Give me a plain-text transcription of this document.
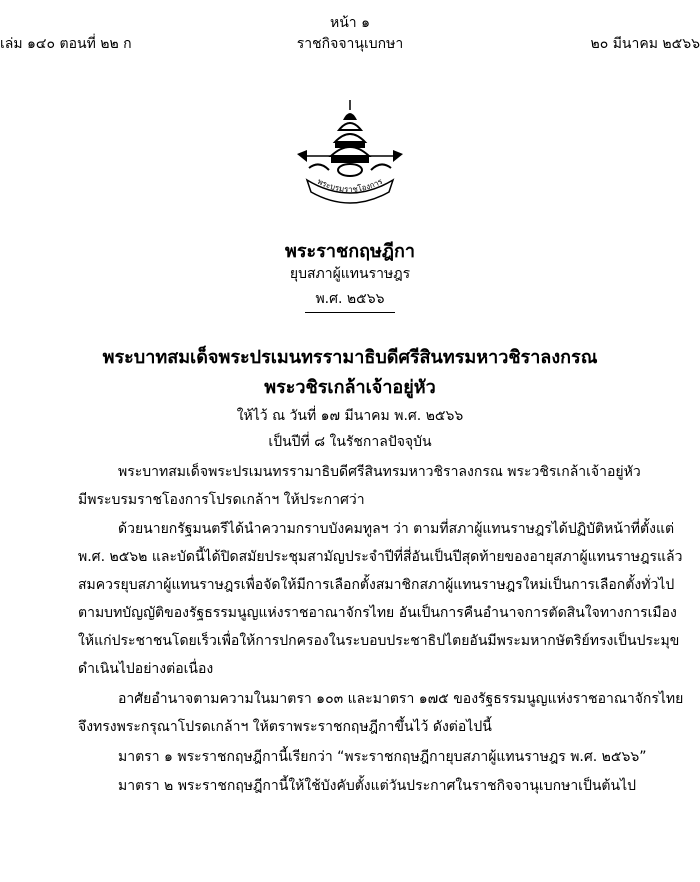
หน้า ๑
เล่ม ๑๔๐ ตอนที่ ๒๒ ก	ราชกิจจานุเบกษา	๒๐ มีนาคม ๒๕๖๖
พระบรมราชโองการ
พระราชกฤษฎีกา
ยุบสภาผู้แทนราษฎร
พ.ศ. ๒๕๖๖
พระบาทสมเด็จพระปรเมนทรรามาธิบดีศรีสินทรมหาวชิราลงกรณ
พระวชิรเกล้าเจ้าอยู่หัว
ให้ไว้ ณ วันที่ ๑๗ มีนาคม พ.ศ. ๒๕๖๖
เป็นปีที่ ๘ ในรัชกาลปัจจุบัน
พระบาทสมเด็จพระปรเมนทรรามาธิบดีศรีสินทรมหาวชิราลงกรณ พระวชิรเกล้าเจ้าอยู่หัว
มีพระบรมราชโองการโปรดเกล้าฯ ให้ประกาศว่า
ด้วยนายกรัฐมนตรีได้นำความกราบบังคมทูลฯ ว่า ตามที่สภาผู้แทนราษฎรได้ปฏิบัติหน้าที่ตั้งแต่
พ.ศ. ๒๕๖๒ และบัดนี้ได้ปิดสมัยประชุมสามัญประจำปีที่สี่อันเป็นปีสุดท้ายของอายุสภาผู้แทนราษฎรแล้ว
สมควรยุบสภาผู้แทนราษฎรเพื่อจัดให้มีการเลือกตั้งสมาชิกสภาผู้แทนราษฎรใหม่เป็นการเลือกตั้งทั่วไป
ตามบทบัญญัติของรัฐธรรมนูญแห่งราชอาณาจักรไทย อันเป็นการคืนอำนาจการตัดสินใจทางการเมือง
ให้แก่ประชาชนโดยเร็วเพื่อให้การปกครองในระบอบประชาธิปไตยอันมีพระมหากษัตริย์ทรงเป็นประมุข
ดำเนินไปอย่างต่อเนื่อง
อาศัยอำนาจตามความในมาตรา ๑๐๓ และมาตรา ๑๗๕ ของรัฐธรรมนูญแห่งราชอาณาจักรไทย
จึงทรงพระกรุณาโปรดเกล้าฯ ให้ตราพระราชกฤษฎีกาขึ้นไว้ ดังต่อไปนี้
มาตรา ๑ พระราชกฤษฎีกานี้เรียกว่า “พระราชกฤษฎีกายุบสภาผู้แทนราษฎร พ.ศ. ๒๕๖๖”
มาตรา ๒ พระราชกฤษฎีกานี้ให้ใช้บังคับตั้งแต่วันประกาศในราชกิจจานุเบกษาเป็นต้นไป
